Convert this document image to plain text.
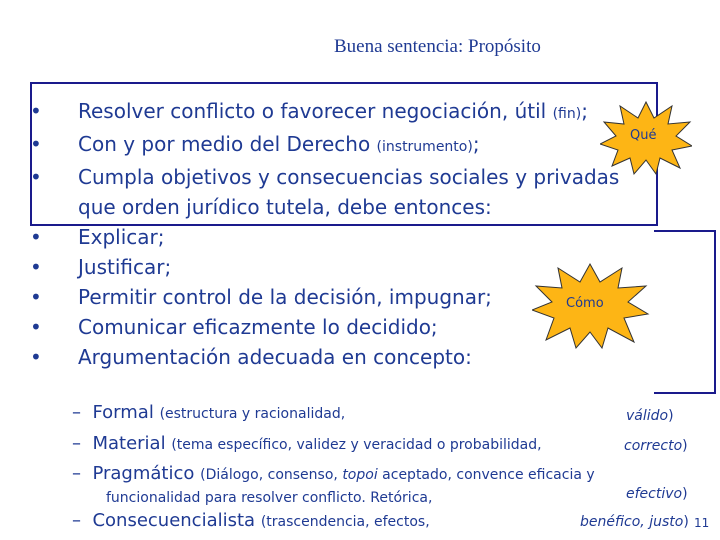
Buena sentencia: Propósito
• Resolver conflicto o favorecer negociación, útil (fin);
• Con y por medio del Derecho (instrumento);
• Cumpla objetivos y consecuencias sociales y privadas
que orden jurídico tutela, debe entonces:
• Explicar;
• Justificar;
• Permitir control de la decisión, impugnar;
• Comunicar eficazmente lo decidido;
• Argumentación adecuada en concepto:
– Formal (estructura y racionalidad,
– Material (tema específico, validez y veracidad o probabilidad,
– Pragmático (Diálogo, consenso, topoi aceptado, convence eficacia y
funcionalidad para resolver conflicto. Retórica,
– Consecuencialista (trascendencia, efectos,
válido)
correcto)
efectivo)
benéfico, justo)
Qué
Cómo
11
